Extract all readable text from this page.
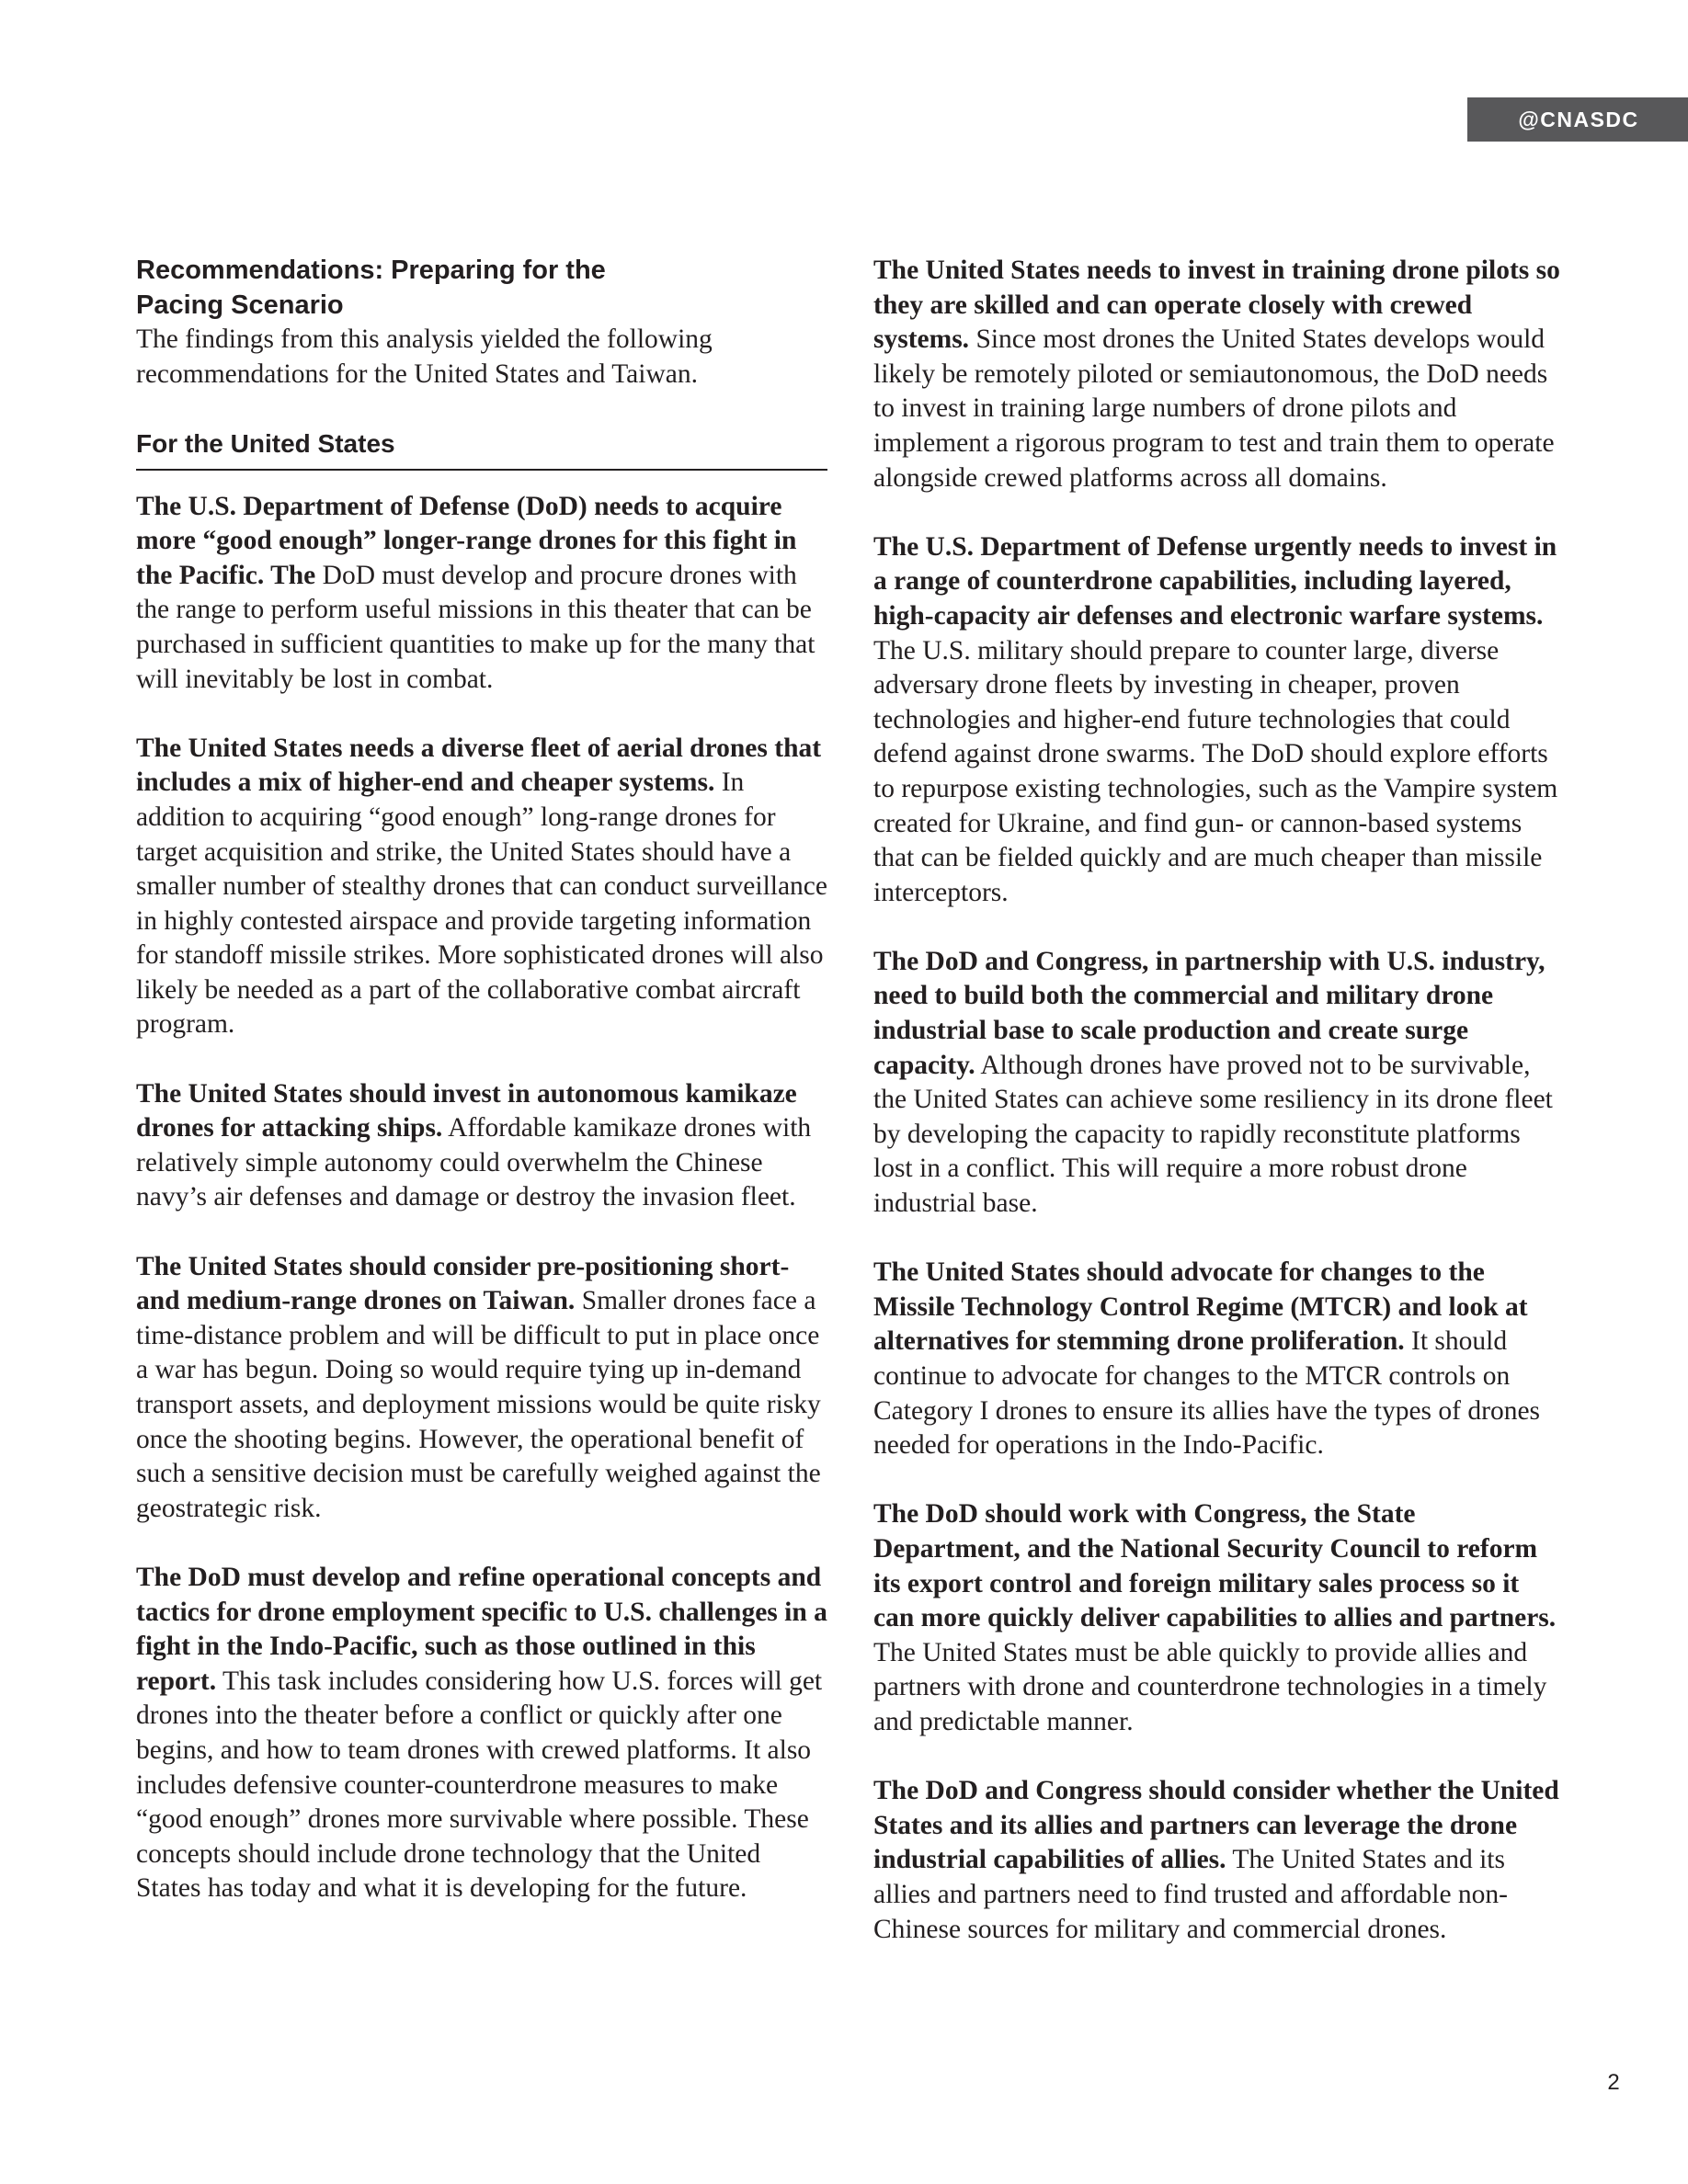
@CNASDC
Recommendations: Preparing for the Pacing Scenario

The findings from this analysis yielded the following recommendations for the United States and Taiwan.

For the United States

The U.S. Department of Defense (DoD) needs to acquire more “good enough” longer-range drones for this fight in the Pacific. The DoD must develop and procure drones with the range to perform useful missions in this theater that can be purchased in sufficient quantities to make up for the many that will inevitably be lost in combat.

The United States needs a diverse fleet of aerial drones that includes a mix of higher-end and cheaper systems. In addition to acquiring “good enough” long-range drones for target acquisition and strike, the United States should have a smaller number of stealthy drones that can conduct surveillance in highly contested airspace and provide targeting information for standoff missile strikes. More sophisticated drones will also likely be needed as a part of the collaborative combat aircraft program.

The United States should invest in autonomous kamikaze drones for attacking ships. Affordable kamikaze drones with relatively simple autonomy could overwhelm the Chinese navy’s air defenses and damage or destroy the invasion fleet.

The United States should consider pre-positioning short- and medium-range drones on Taiwan. Smaller drones face a time-distance problem and will be difficult to put in place once a war has begun. Doing so would require tying up in-demand transport assets, and deployment missions would be quite risky once the shooting begins. However, the operational benefit of such a sensitive decision must be carefully weighed against the geostrategic risk.

The DoD must develop and refine operational concepts and tactics for drone employment specific to U.S. challenges in a fight in the Indo-Pacific, such as those outlined in this report. This task includes considering how U.S. forces will get drones into the theater before a conflict or quickly after one begins, and how to team drones with crewed platforms. It also includes defensive counter-counterdrone measures to make “good enough” drones more survivable where possible. These concepts should include drone technology that the United States has today and what it is developing for the future.

The United States needs to invest in training drone pilots so they are skilled and can operate closely with crewed systems. Since most drones the United States develops would likely be remotely piloted or semiautonomous, the DoD needs to invest in training large numbers of drone pilots and implement a rigorous program to test and train them to operate alongside crewed platforms across all domains.

The U.S. Department of Defense urgently needs to invest in a range of counterdrone capabilities, including layered, high-capacity air defenses and electronic warfare systems. The U.S. military should prepare to counter large, diverse adversary drone fleets by investing in cheaper, proven technologies and higher-end future technologies that could defend against drone swarms. The DoD should explore efforts to repurpose existing technologies, such as the Vampire system created for Ukraine, and find gun- or cannon-based systems that can be fielded quickly and are much cheaper than missile interceptors.

The DoD and Congress, in partnership with U.S. industry, need to build both the commercial and military drone industrial base to scale production and create surge capacity. Although drones have proved not to be survivable, the United States can achieve some resiliency in its drone fleet by developing the capacity to rapidly reconstitute platforms lost in a conflict. This will require a more robust drone industrial base.

The United States should advocate for changes to the Missile Technology Control Regime (MTCR) and look at alternatives for stemming drone proliferation. It should continue to advocate for changes to the MTCR controls on Category I drones to ensure its allies have the types of drones needed for operations in the Indo-Pacific.

The DoD should work with Congress, the State Department, and the National Security Council to reform its export control and foreign military sales process so it can more quickly deliver capabilities to allies and partners. The United States must be able quickly to provide allies and partners with drone and counterdrone technologies in a timely and predictable manner.

The DoD and Congress should consider whether the United States and its allies and partners can leverage the drone industrial capabilities of allies. The United States and its allies and partners need to find trusted and affordable non-Chinese sources for military and commercial drones.

2
